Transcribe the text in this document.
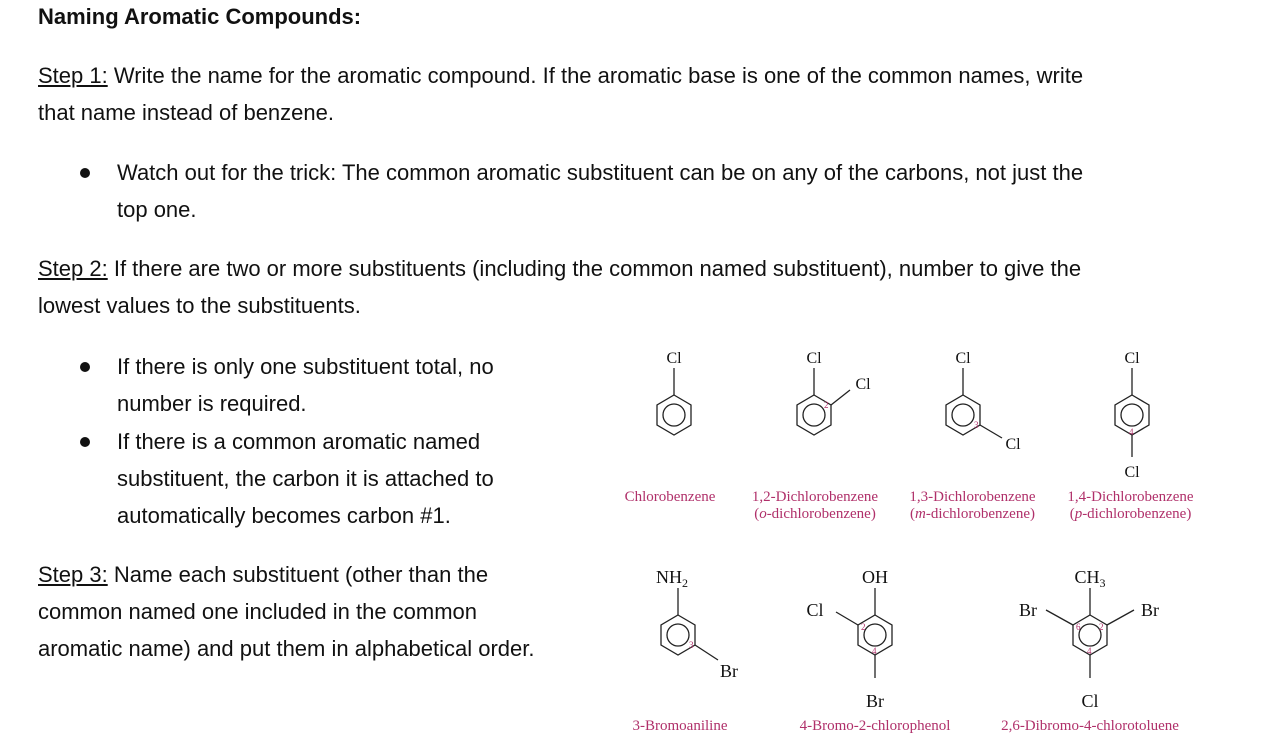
Naming Aromatic Compounds:
Step 1: Write the name for the aromatic compound. If the aromatic base is one of the common names, write
that name instead of benzene.
Watch out for the trick: The common aromatic substituent can be on any of the carbons, not just the
top one.
Step 2: If there are two or more substituents (including the common named substituent), number to give the
lowest values to the substituents.
If there is only one substituent total, no
number is required.
If there is a common aromatic named
substituent, the carbon it is attached to
automatically becomes carbon #1.
Step 3: Name each substituent (other than the
common named one included in the common
aromatic name) and put them in alphabetical order.
Cl	Cl
Cl
Cl
Cl
Cl
Cl
$NH_2$
Br
OH
Cl
Br
$CH_3$
Br	Br
Cl
2
3
4
3
2
4
6 2
4
Chlorobenzene	1,2-Dichlorobenzene
(o-dichlorobenzene)
1,3-Dichlorobenzene
(m-dichlorobenzene)
1,4-Dichlorobenzene
(p-dichlorobenzene)
3-Bromoaniline	4-Bromo-2-chlorophenol	2,6-Dibromo-4-chlorotoluene
